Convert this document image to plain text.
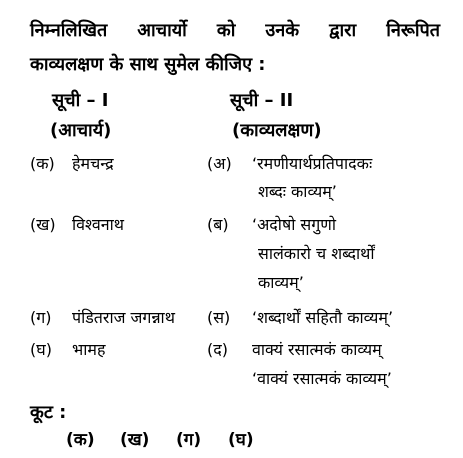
निम्नलिखित आचार्यो को उनके द्वारा निरूपित
काव्यलक्षण के साथ सुमेल कीजिए :
सूची – I	सूची – II
(आचार्य)	(काव्यलक्षण)
(क) हेमचन्द्र	(अ) ‘रमणीयार्थप्रतिपादकः
शब्दः काव्यम्’
(ख) विश्वनाथ	(ब) ‘अदोषो सगुणो
सालंकारो च शब्दार्थों
काव्यम्’
(ग) पंडितराज जगन्नाथ (स) ‘शब्दार्थों सहितौ काव्यम्’
(घ) भामह	(द) वाक्यं रसात्मकं काव्यम्
‘वाक्यं रसात्मकं काव्यम्’
कूट :
(क) (ख) (ग) (घ)
